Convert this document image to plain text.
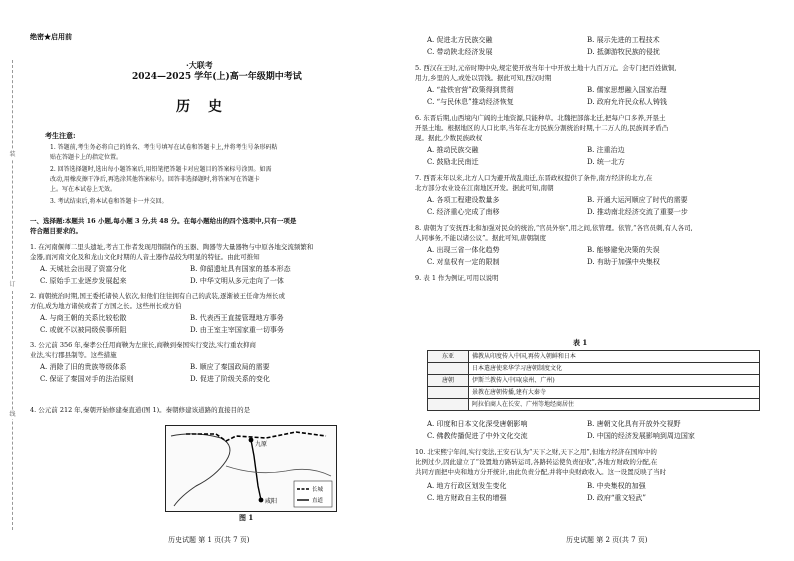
装
订
线
绝密★启用前
·大联考
2024—2025 学年(上)高一年级期中考试
历史
考生注意:
1. 答题前,考生务必将自己的姓名、考生号填写在试卷和答题卡上,并将考生号条形码粘
贴在答题卡上的指定位置。
2. 回答选择题时,选出每小题答案后,用铅笔把答题卡对应题目的答案标号涂黑。如需
改动,用橡皮擦干净后,再选涂其他答案标号。回答非选择题时,将答案写在答题卡
上。写在本试卷上无效。
3. 考试结束后,将本试卷和答题卡一并交回。
一、选择题:本题共 16 小题,每小题 3 分,共 48 分。在每小题给出的四个选项中,只有一项是
符合题目要求的。
1. 在河南偃师二里头遗址,考古工作者发现用铜制作的玉器、陶器等大量器物与中原各地交流频繁和
金器,而河南文化及和龙山文化时期的人音土器作品较为明显的特征。由此可推知
A. 天城社会出现了资富分化	B. 仰韶遗址具有国家的基本形态
C. 原始手工业逐步发展起来	D. 中华文明从多元走向了一体
2. 商朝统治时期,国王委托诸侯人依次,但他们往往拥有自己的武装,逐渐被王任命为州长或
方伯,成为地方诸侯或者了方国之长。这些州长或方伯
A. 与商王朝的关系比较松散	B. 代表西王直接管理地方事务
C. 或就不以被同级侯事所阻	D. 由王室主宰国家重一切事务
3. 公元前 356 年,秦孝公任用商鞅为左庶长,商鞅到秦国实行变法,实行重农抑商
业法,实行郡县制等。这些措施
A. 消除了旧的贵族等级体系	B. 顺应了秦国政局的需要
C. 保证了秦国对手的法治原则	D. 促进了阶级关系的变化
4. 公元前 212 年,秦朝开始修建秦直道(图 1)。秦朝修建该道路的直接目的是
咸阳
九原
长城
直道
图 1
历史试题 第 1 页(共 7 页)
A. 促进北方民族交融	B. 展示先进的工程技术
C. 带动陕北经济发展	D. 抵御游牧民族的侵扰
5. 西汉在王时,元帝时期中央,规定使开放当年十中开放土地十九百万元。会专门把百姓做铜,
用力,乡里的人,或处以罚钱。据此可知,西汉时期
A. “盐铁官营”政策得到贯彻	B. 儒家思想融入国家治理
C. “与民休息”推动经济恢复	D. 政府允许民众私人铸钱
6. 东晋后期,山西境内广阔的土地资源,只能种草。北魏把部落北迁,把每户口多养,开垦土
开垦土地。根据地区的人口比率,当年在北方民族分割统治时期,十二万人的,民族间矛盾凸
现。据此,少数民族政权
A. 推动民族交融	B. 注重治边
C. 鼓励北民南迁	D. 统一北方
7. 西晋末年以来,北方人口为避开战乱南迁,东晋政权提供了条件,南方经济的北方,在
北方部分农业设在江南地区开发。据此可知,南朝
A. 各项工程建设数量多	B. 开通大运河顺应了时代的需要
C. 经济重心完成了南移	D. 推动南北经济交流了重要一步
8. 唐朝为了安抚西北和加强对民众的统治,“官员外察”,用之间,依管理。依管,“各官员刺,有人各司,
人同事务,不能以诸公议”。据此可知,唐朝制度
A. 出现三省一体化趋势	B. 能够避免决策的失误
C. 对皇权有一定的限制	D. 有助于加强中央集权
9. 表 1 作为例证,可用以说明
表 1
东亚	佛教从印度传入中国,再传入朝鲜和日本
	日本遣唐使来华学习唐朝制度文化
唐朝	伊斯兰教传入中国(泉州、广州)
	景教在唐朝传播,建有大秦寺
	阿拉伯商人在长安、广州等地经商居住
A. 印度和日本文化深受唐朝影响	B. 唐朝文化具有开放外交视野
C. 佛教传播促进了中外文化交流	D. 中国的经济发展影响到周边国家
10. 北宋熙宁年间,实行变法,王安石认为“天下之财,天下之用”,但地方经济在国库中的
比例过少,因此建立了“设置地方路转运司,各路转运使负责征收”,各地方财政的分配,在
共同方面把中央和地方分开统计,由此负责分配,并将中央财政收入。这一设置反映了当时
A. 地方行政区划发生变化	B. 中央集权的加强
C. 地方财政自主权的增强	D. 政府“重文轻武”
历史试题 第 2 页(共 7 页)
